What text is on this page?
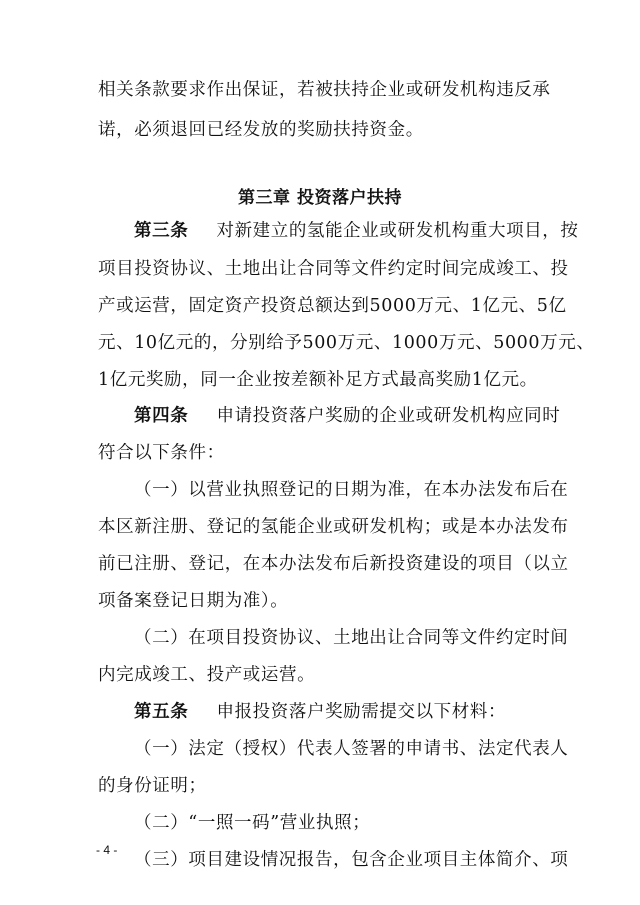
相关条款要求作出保证，若被扶持企业或研发机构违反承
诺，必须退回已经发放的奖励扶持资金。
第三章 投资落户扶持
第三条 对新建立的氢能企业或研发机构重大项目，按
项目投资协议、土地出让合同等文件约定时间完成竣工、投
产或运营，固定资产投资总额达到5000万元、1亿元、5亿
元、10亿元的，分别给予500万元、1000万元、5000万元、
1亿元奖励，同一企业按差额补足方式最高奖励1亿元。
第四条 申请投资落户奖励的企业或研发机构应同时
符合以下条件：
（一）以营业执照登记的日期为准，在本办法发布后在
本区新注册、登记的氢能企业或研发机构；或是本办法发布
前已注册、登记，在本办法发布后新投资建设的项目（以立
项备案登记日期为准）。
（二）在项目投资协议、土地出让合同等文件约定时间
内完成竣工、投产或运营。
第五条 申报投资落户奖励需提交以下材料：
（一）法定（授权）代表人签署的申请书、法定代表人
的身份证明；
（二）“一照一码”营业执照；
（三）项目建设情况报告，包含企业项目主体简介、项
- 4 -
